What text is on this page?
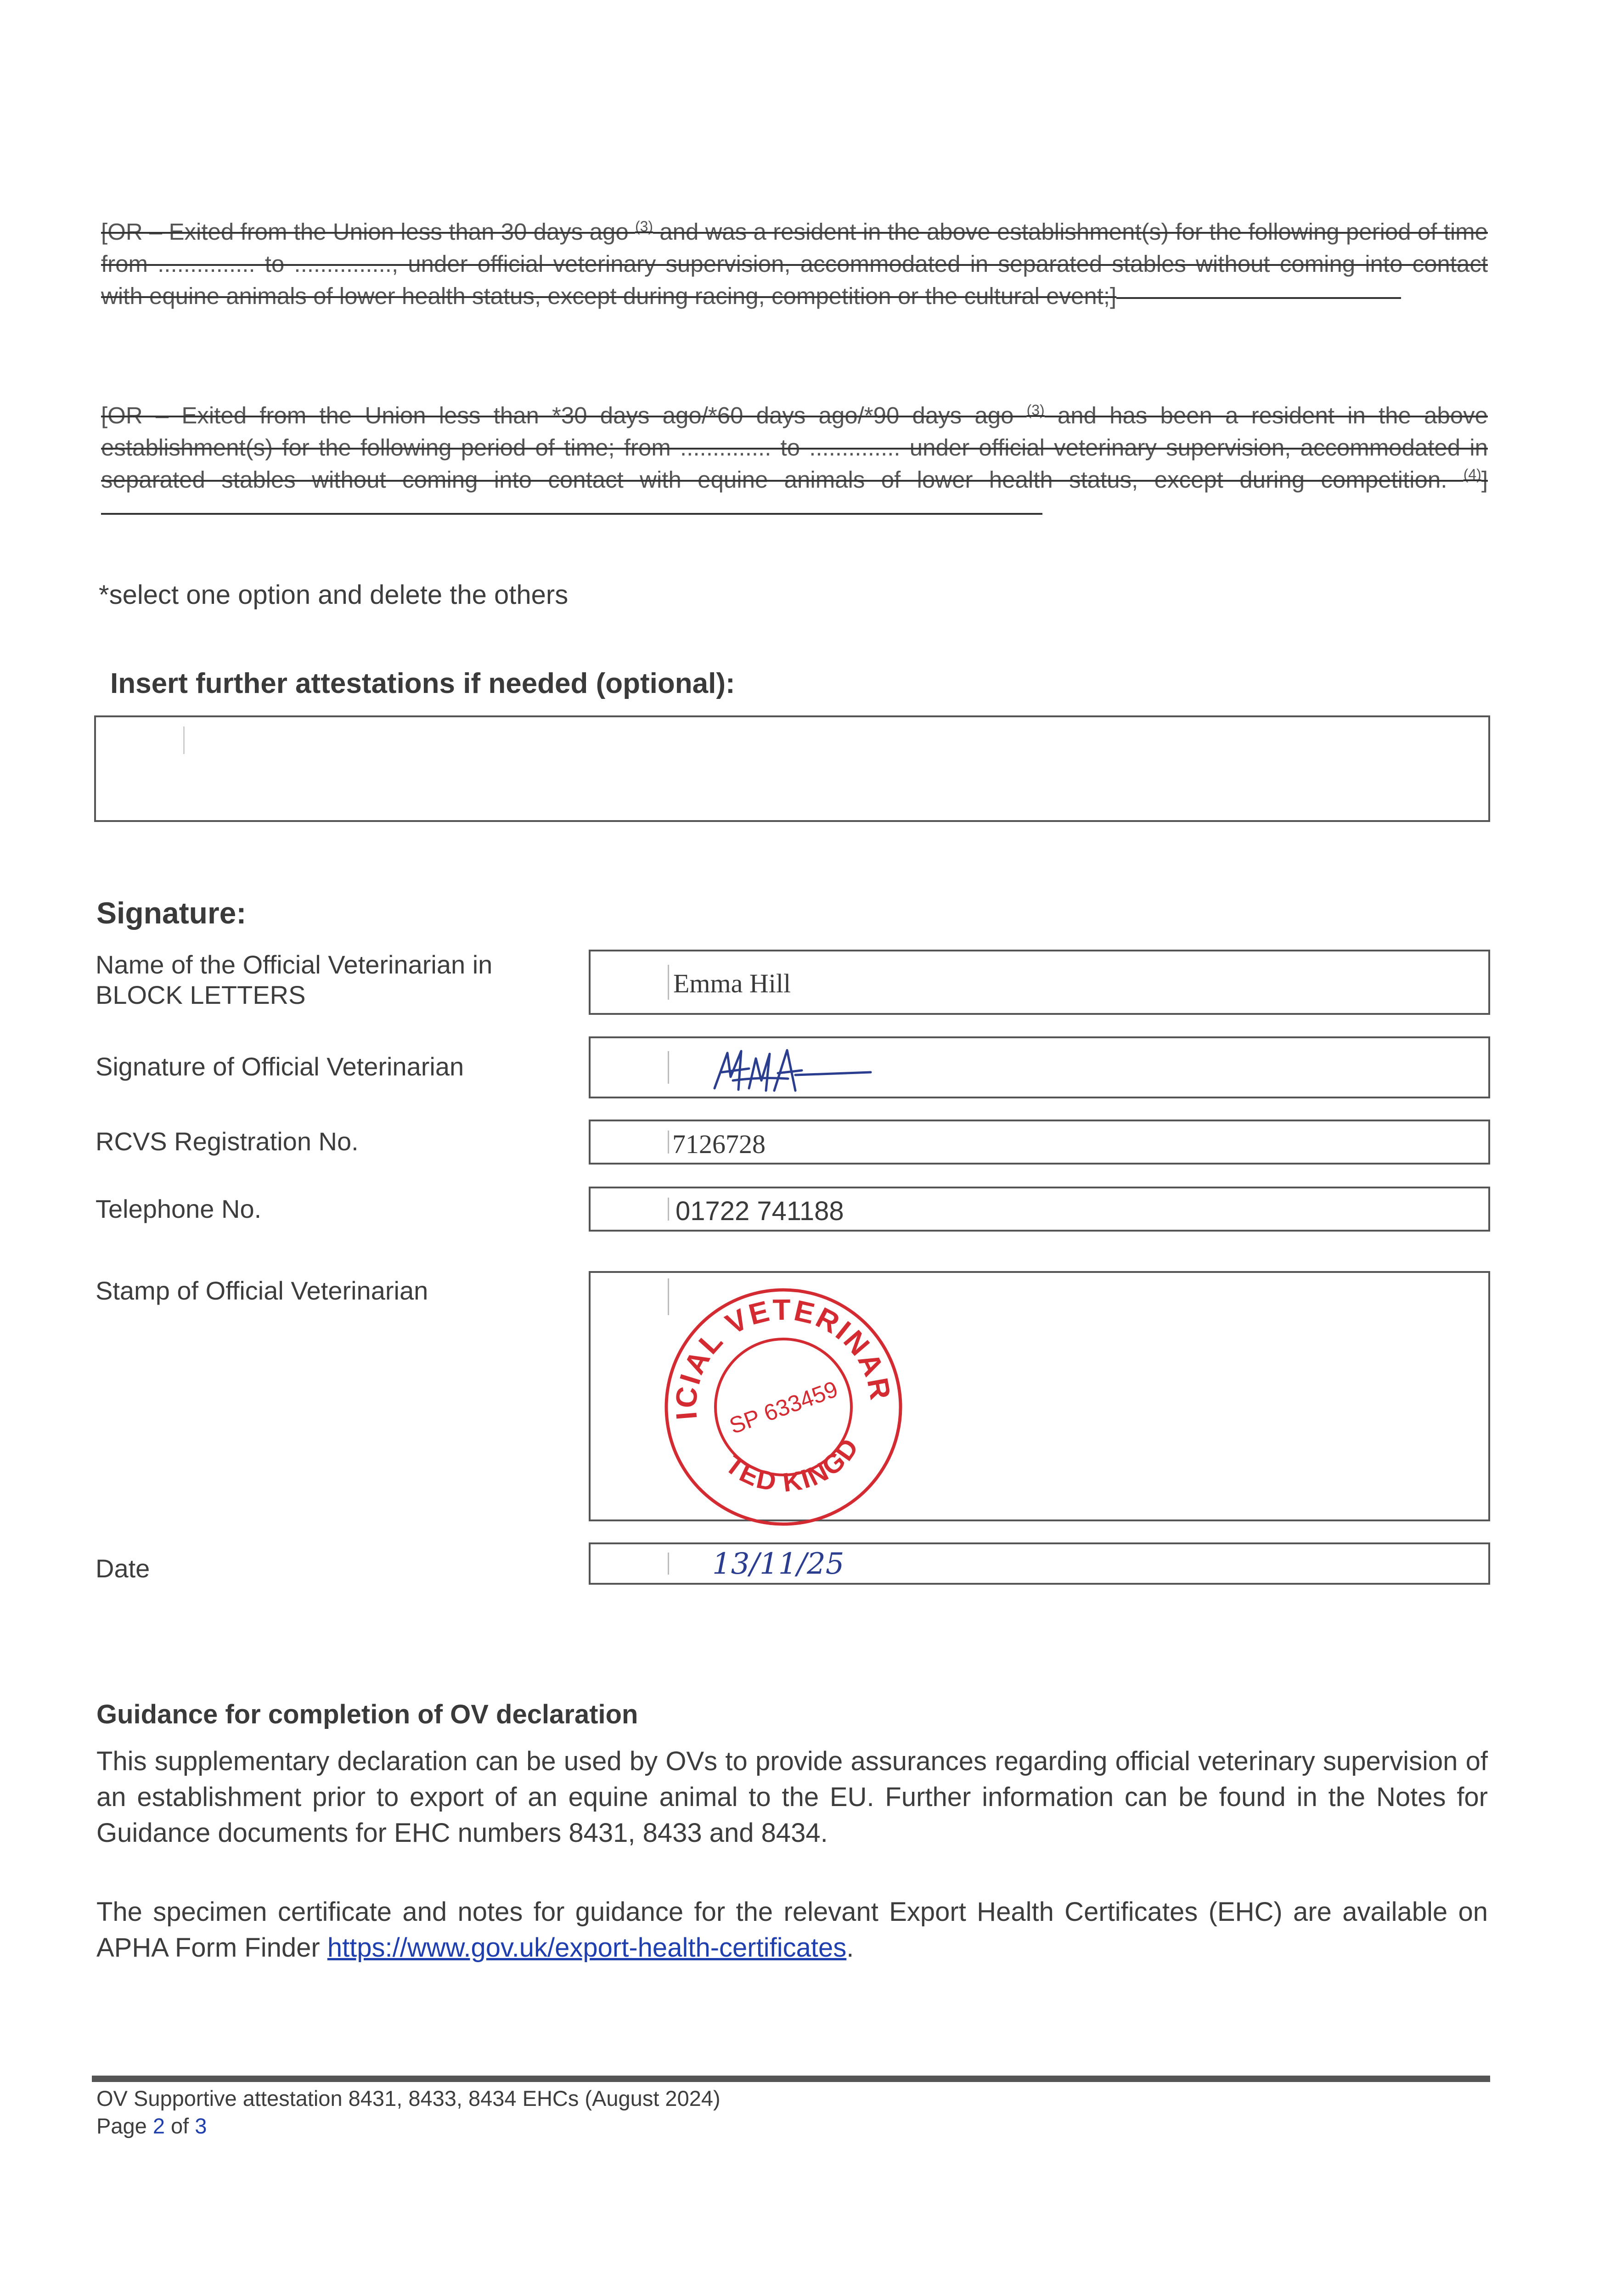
[OR – Exited from the Union less than 30 days ago $^{(3)}$ and was a resident in the above establishment(s) for the following period of time from ............... to ..............., under official veterinary supervision, accommodated in separated stables without coming into contact with equine animals of lower health status, except during racing, competition or the cultural event;]
[OR – Exited from the Union less than *30 days ago/*60 days ago/*90 days ago $^{(3)}$ and has been a resident in the above establishment(s) for the following period of time; from .............. to .............. under official veterinary supervision, accommodated in separated stables without coming into contact with equine animals of lower health status, except during competition. $^{(4)}$]
*select one option and delete the others
Insert further attestations if needed (optional):
Signature:
Name of the Official Veterinarian in
BLOCK LETTERS	Emma Hill
Signature of Official Veterinarian
RCVS Registration No.	7126728
Telephone No.	01722 741188
Stamp of Official Veterinarian	OFFICIAL VETERINARIAN
UNITED KINGDOM
SP 633459
Date	13/11/25
Guidance for completion of OV declaration
This supplementary declaration can be used by OVs to provide assurances regarding official veterinary supervision of an establishment prior to export of an equine animal to the EU. Further information can be found in the Notes for Guidance documents for EHC numbers 8431, 8433 and 8434.
The specimen certificate and notes for guidance for the relevant Export Health Certificates (EHC) are available on APHA Form Finder https://www.gov.uk/export-health-certificates.
OV Supportive attestation 8431, 8433, 8434 EHCs (August 2024)
Page 2 of 3
